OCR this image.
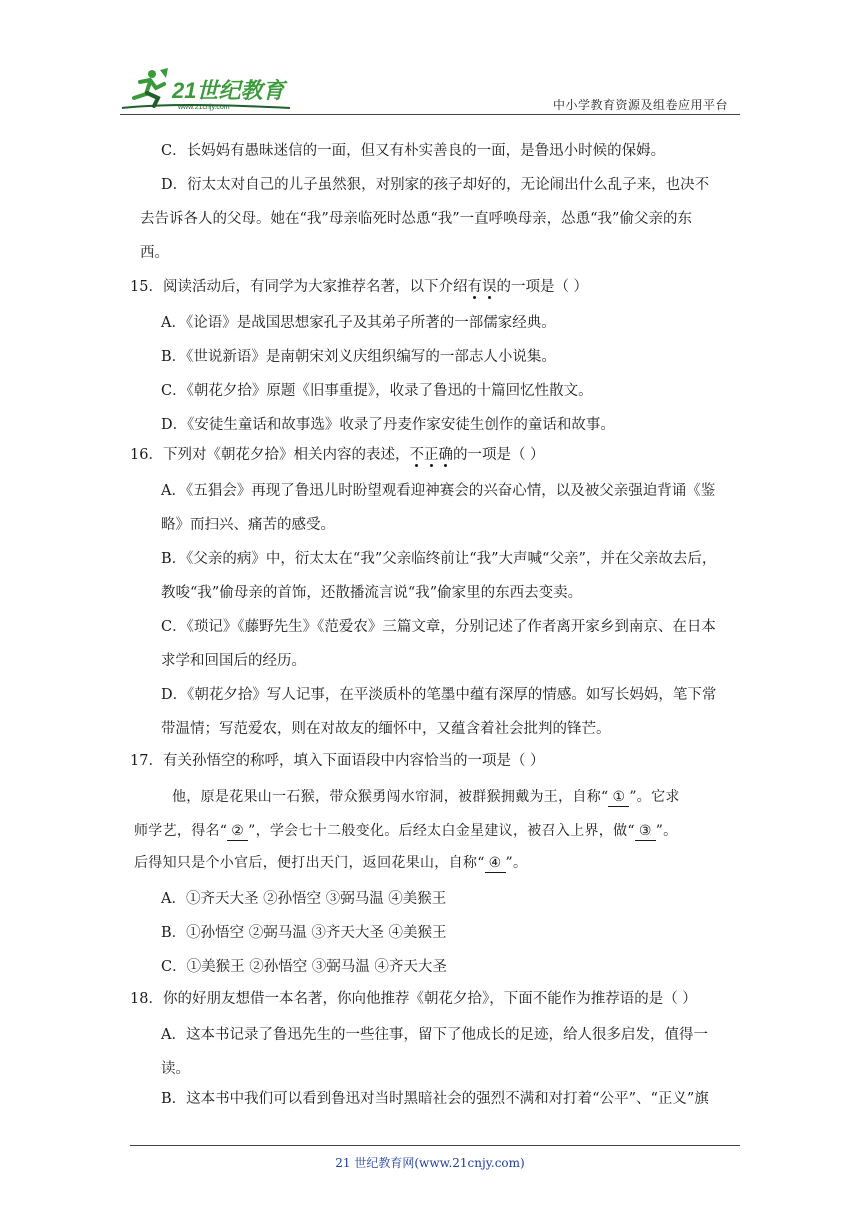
21世纪教育
www.21cnjy.com	中小学教育资源及组卷应用平台
C．长妈妈有愚昧迷信的一面，但又有朴实善良的一面，是鲁迅小时候的保姆。
D．衍太太对自己的儿子虽然狠，对别家的孩子却好的，无论闹出什么乱子来，也决不
去告诉各人的父母。她在“我”母亲临死时怂恿“我”一直呼唤母亲，怂恿“我”偷父亲的东
西。
15．阅读活动后，有同学为大家推荐名著，以下介绍有误的一项是（ ）
A．《论语》是战国思想家孔子及其弟子所著的一部儒家经典。
B．《世说新语》是南朝宋刘义庆组织编写的一部志人小说集。
C．《朝花夕拾》原题《旧事重提》，收录了鲁迅的十篇回忆性散文。
D．《安徒生童话和故事选》收录了丹麦作家安徒生创作的童话和故事。
16．下列对《朝花夕拾》相关内容的表述，不正确的一项是（ ）
A．《五猖会》再现了鲁迅儿时盼望观看迎神赛会的兴奋心情，以及被父亲强迫背诵《鉴
略》而扫兴、痛苦的感受。
B．《父亲的病》中，衍太太在“我”父亲临终前让“我”大声喊“父亲”，并在父亲故去后，
教唆“我”偷母亲的首饰，还散播流言说“我”偷家里的东西去变卖。
C．《琐记》《藤野先生》《范爱农》三篇文章，分别记述了作者离开家乡到南京、在日本
求学和回国后的经历。
D．《朝花夕拾》写人记事，在平淡质朴的笔墨中蕴有深厚的情感。如写长妈妈，笔下常
带温情；写范爱农，则在对故友的缅怀中，又蕴含着社会批判的锋芒。
17．有关孙悟空的称呼，填入下面语段中内容恰当的一项是（ ）
他，原是花果山一石猴，带众猴勇闯水帘洞，被群猴拥戴为王，自称“ ① ”。它求
师学艺，得名“ ② ”，学会七十二般变化。后经太白金星建议，被召入上界，做“ ③ ”。
后得知只是个小官后，便打出天门，返回花果山，自称“ ④ ”。
A．①齐天大圣 ②孙悟空 ③弼马温 ④美猴王
B．①孙悟空 ②弼马温 ③齐天大圣 ④美猴王
C．①美猴王 ②孙悟空 ③弼马温 ④齐天大圣
18．你的好朋友想借一本名著，你向他推荐《朝花夕拾》，下面不能作为推荐语的是（ ）
A．这本书记录了鲁迅先生的一些往事，留下了他成长的足迹，给人很多启发，值得一
读。
B．这本书中我们可以看到鲁迅对当时黑暗社会的强烈不满和对打着“公平”、“正义”旗
21 世纪教育网(www.21cnjy.com)
